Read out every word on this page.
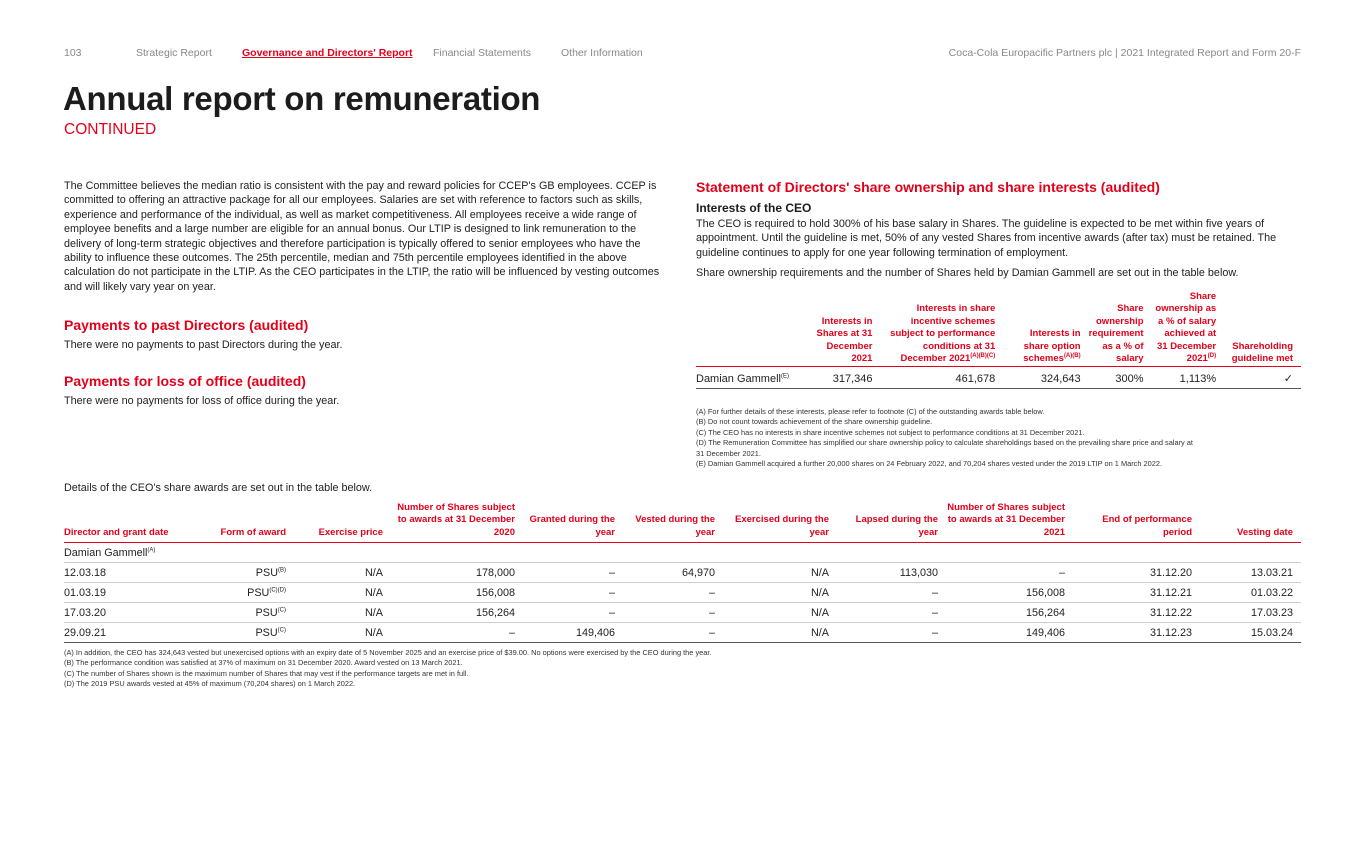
103	Strategic Report	Governance and Directors' Report Financial Statements	Other Information	Coca-Cola Europacific Partners plc | 2021 Integrated Report and Form 20-F
Annual report on remuneration
CONTINUED

The Committee believes the median ratio is consistent with the pay and reward policies for CCEP's GB employees. CCEP is committed to offering an attractive package for all our employees. Salaries are set with reference to factors such as skills, experience and performance of the individual, as well as market competitiveness. All employees receive a wide range of employee benefits and a large number are eligible for an annual bonus. Our LTIP is designed to link remuneration to the delivery of long-term strategic objectives and therefore participation is typically offered to senior employees who have the ability to influence these outcomes. The 25th percentile, median and 75th percentile employees identified in the above calculation do not participate in the LTIP. As the CEO participates in the LTIP, the ratio will be influenced by vesting outcomes and will likely vary year on year.

Payments to past Directors (audited)

There were no payments to past Directors during the year.

Payments for loss of office (audited)

There were no payments for loss of office during the year.

Statement of Directors' share ownership and share interests (audited)
Interests of the CEO

The CEO is required to hold 300% of his base salary in Shares. The guideline is expected to be met within five years of appointment. Until the guideline is met, 50% of any vested Shares from incentive awards (after tax) must be retained. The guideline continues to apply for one year following termination of employment.

Share ownership requirements and the number of Shares held by Damian Gammell are set out in the table below.

	Interests in Shares at 31 December 2021	Interests in share incentive schemes subject to performance conditions at 31 December $2021^{(A)(B)(C)}$	Interests in share option schemes$^{(A)(B)}$	Share ownership requirement as a % of salary	Share ownership as a % of salary achieved at 31 December $2021^{(D)}$	Shareholding guideline met
Damian Gammell$^{(E)}$	317,346	461,678	324,643	300%	1,113%	✓

(A) For further details of these interests, please refer to footnote (C) of the outstanding awards table below.

(B) Do not count towards achievement of the share ownership guideline.

(C) The CEO has no interests in share incentive schemes not subject to performance conditions at 31 December 2021.

(D) The Remuneration Committee has simplified our share ownership policy to calculate shareholdings based on the prevailing share price and salary at

31 December 2021.

(E) Damian Gammell acquired a further 20,000 shares on 24 February 2022, and 70,204 shares vested under the 2019 LTIP on 1 March 2022.

Details of the CEO's share awards are set out in the table below.

Director and grant date	Form of award	Exercise price	Number of Shares subject to awards at 31 December 2020	Granted during the year	Vested during the year	Exercised during the year	Lapsed during the year	Number of Shares subject to awards at 31 December 2021	End of performance period	Vesting date
Damian Gammell$^{(A)}$
12.03.18	$PSU^{(B)}$	N/A	178,000	–	64,970	N/A	113,030	–	31.12.20	13.03.21
01.03.19	$PSU^{(C)(D)}$	N/A	156,008	–	–	N/A	–	156,008	31.12.21	01.03.22
17.03.20	$PSU^{(C)}$	N/A	156,264	–	–	N/A	–	156,264	31.12.22	17.03.23
29.09.21	$PSU^{(C)}$	N/A	–	149,406	–	N/A	–	149,406	31.12.23	15.03.24

(A) In addition, the CEO has 324,643 vested but unexercised options with an expiry date of 5 November 2025 and an exercise price of $39.00. No options were exercised by the CEO during the year.

(B) The performance condition was satisfied at 37% of maximum on 31 December 2020. Award vested on 13 March 2021.

(C) The number of Shares shown is the maximum number of Shares that may vest if the performance targets are met in full.

(D) The 2019 PSU awards vested at 45% of maximum (70,204 shares) on 1 March 2022.
